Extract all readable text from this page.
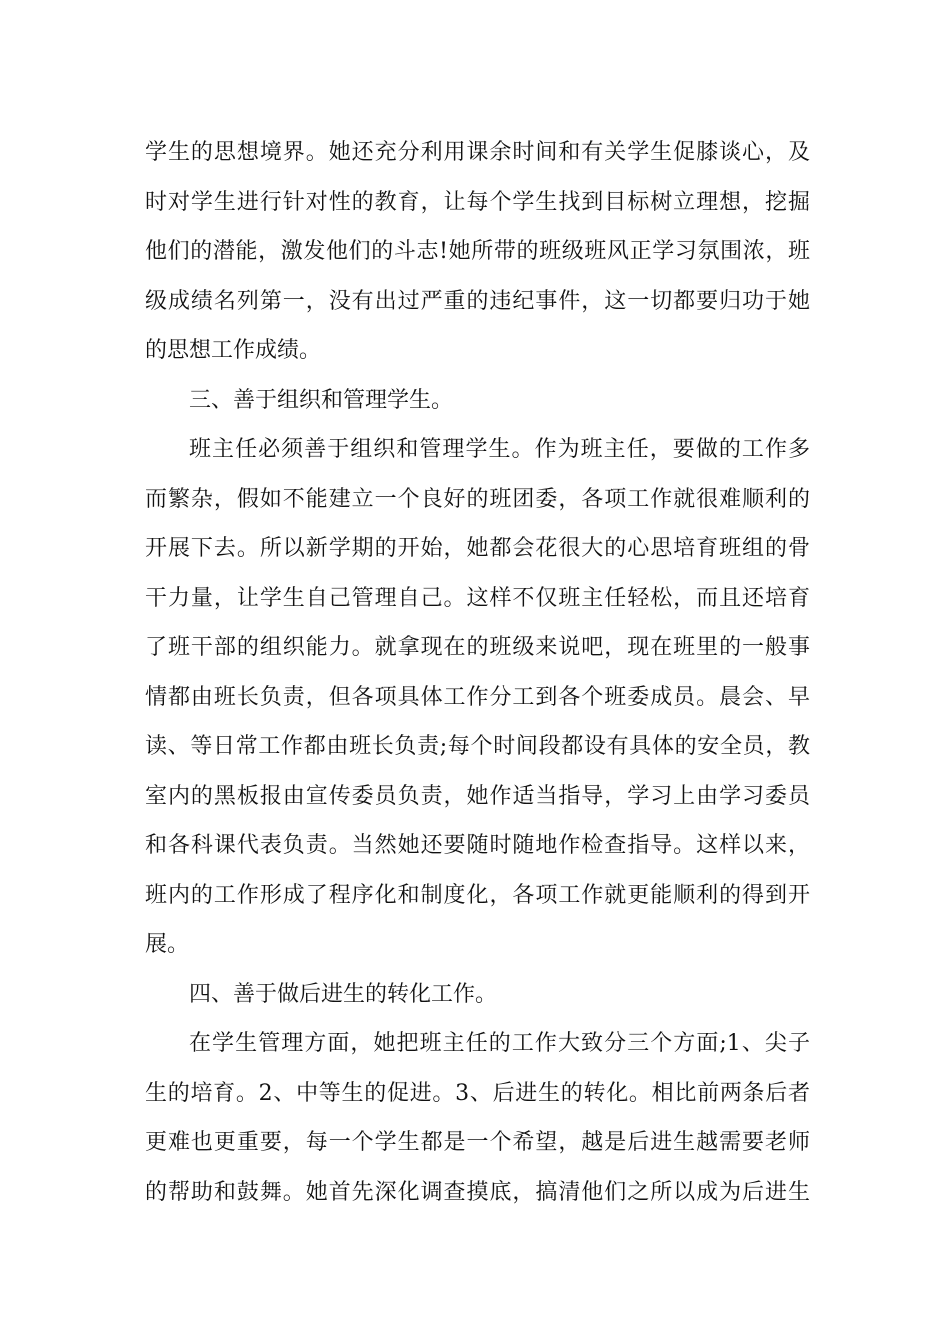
学生的思想境界。她还充分利用课余时间和有关学生促膝谈心，及
时对学生进行针对性的教育，让每个学生找到目标树立理想，挖掘
他们的潜能，激发他们的斗志!她所带的班级班风正学习氛围浓，班
级成绩名列第一，没有出过严重的违纪事件，这一切都要归功于她
的思想工作成绩。
三、善于组织和管理学生。
班主任必须善于组织和管理学生。作为班主任，要做的工作多
而繁杂，假如不能建立一个良好的班团委，各项工作就很难顺利的
开展下去。所以新学期的开始，她都会花很大的心思培育班组的骨
干力量，让学生自己管理自己。这样不仅班主任轻松，而且还培育
了班干部的组织能力。就拿现在的班级来说吧，现在班里的一般事
情都由班长负责，但各项具体工作分工到各个班委成员。晨会、早
读、等日常工作都由班长负责;每个时间段都设有具体的安全员，教
室内的黑板报由宣传委员负责，她作适当指导，学习上由学习委员
和各科课代表负责。当然她还要随时随地作检查指导。这样以来，
班内的工作形成了程序化和制度化，各项工作就更能顺利的得到开
展。
四、善于做后进生的转化工作。
在学生管理方面，她把班主任的工作大致分三个方面;1、尖子
生的培育。2、中等生的促进。3、后进生的转化。相比前两条后者
更难也更重要，每一个学生都是一个希望，越是后进生越需要老师
的帮助和鼓舞。她首先深化调查摸底，搞清他们之所以成为后进生
